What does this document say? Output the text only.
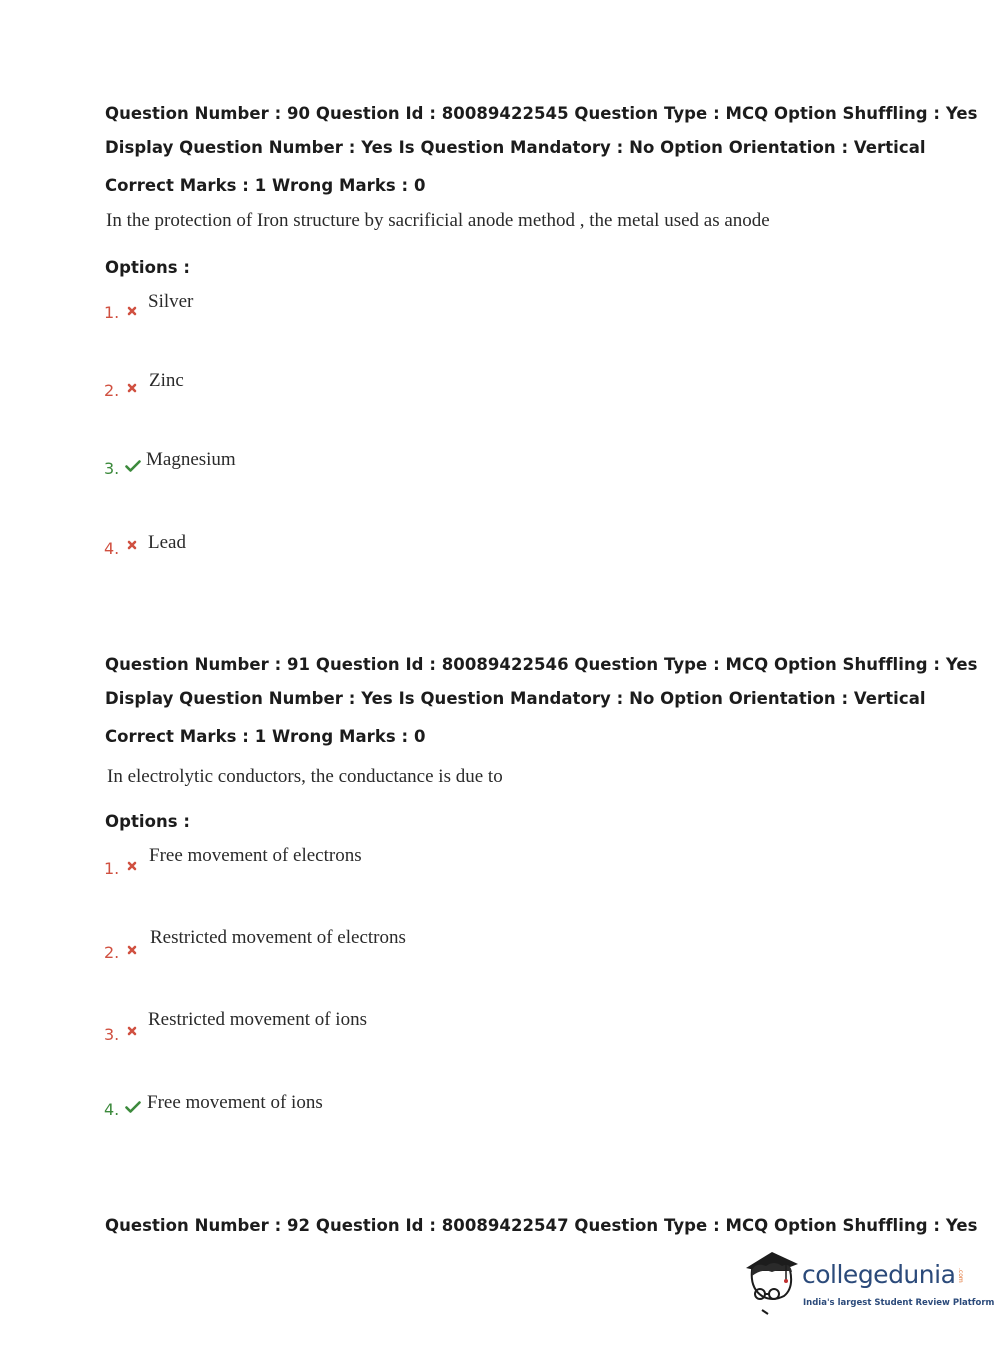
Question Number : 90 Question Id : 80089422545 Question Type : MCQ Option Shuffling : Yes
Display Question Number : Yes Is Question Mandatory : No Option Orientation : Vertical
Correct Marks : 1 Wrong Marks : 0
In the protection of Iron structure by sacrificial anode method , the metal used as anode
Options :
1.
Silver
2. Zinc
3. Magnesium
4. Lead
Question Number : 91 Question Id : 80089422546 Question Type : MCQ Option Shuffling : Yes
Display Question Number : Yes Is Question Mandatory : No Option Orientation : Vertical
Correct Marks : 1 Wrong Marks : 0
In electrolytic conductors, the conductance is due to
Options :
1.
Free movement of electrons
2.
Restricted movement of electrons
3.
Restricted movement of ions
4. Free movement of ions
Question Number : 92 Question Id : 80089422547 Question Type : MCQ Option Shuffling : Yes
collegedunia .com
India's largest Student Review Platform
